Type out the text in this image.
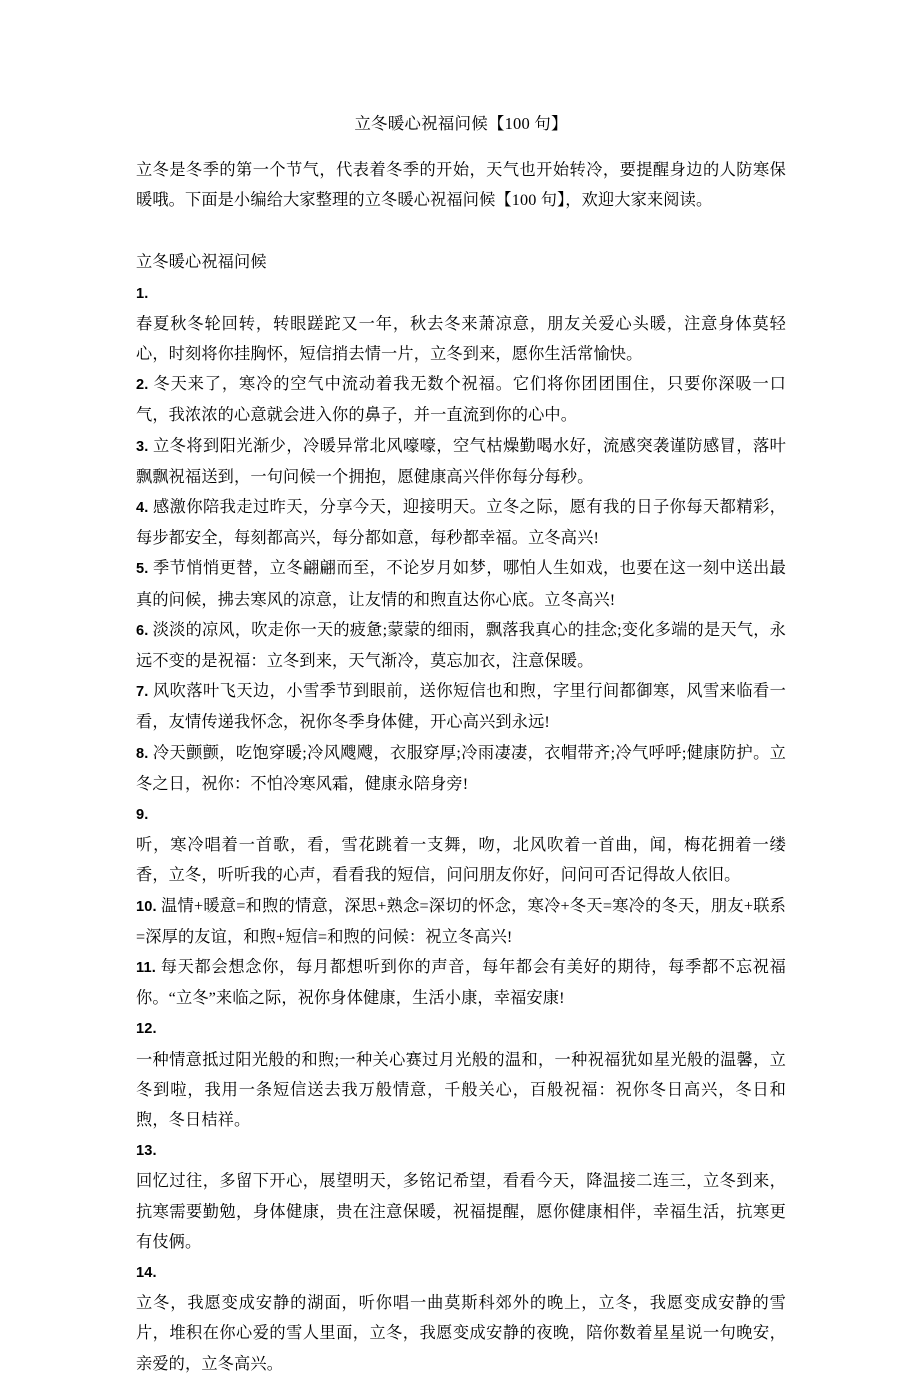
立冬暖心祝福问候【100 句】

立冬是冬季的第一个节气，代表着冬季的开始，天气也开始转冷，要提醒身边的人防寒保暖哦。下面是小编给大家整理的立冬暖心祝福问候【100 句】，欢迎大家来阅读。

立冬暖心祝福问候

1.

春夏秋冬轮回转，转眼蹉跎又一年，秋去冬来萧凉意，朋友关爱心头暖，注意身体莫轻心，时刻将你挂胸怀，短信捎去情一片，立冬到来，愿你生活常愉快。

2. 冬天来了，寒冷的空气中流动着我无数个祝福。它们将你团团围住，只要你深吸一口气，我浓浓的心意就会进入你的鼻子，并一直流到你的心中。

3. 立冬将到阳光渐少，冷暖异常北风嚎嚎，空气枯燥勤喝水好，流感突袭谨防感冒，落叶飘飘祝福送到，一句问候一个拥抱，愿健康高兴伴你每分每秒。

4. 感激你陪我走过昨天，分享今天，迎接明天。立冬之际，愿有我的日子你每天都精彩，每步都安全，每刻都高兴，每分都如意，每秒都幸福。立冬高兴!

5. 季节悄悄更替，立冬翩翩而至，不论岁月如梦，哪怕人生如戏，也要在这一刻中送出最真的问候，拂去寒风的凉意，让友情的和煦直达你心底。立冬高兴!

6. 淡淡的凉风，吹走你一天的疲惫;蒙蒙的细雨，飘落我真心的挂念;变化多端的是天气，永远不变的是祝福：立冬到来，天气渐冷，莫忘加衣，注意保暖。

7. 风吹落叶飞天边，小雪季节到眼前，送你短信也和煦，字里行间都御寒，风雪来临看一看，友情传递我怀念，祝你冬季身体健，开心高兴到永远!

8. 冷天颤颤，吃饱穿暖;冷风飕飕，衣服穿厚;冷雨凄凄，衣帽带齐;冷气呼呼;健康防护。立冬之日，祝你：不怕冷寒风霜，健康永陪身旁!

9.

听，寒冷唱着一首歌，看，雪花跳着一支舞，吻，北风吹着一首曲，闻，梅花拥着一缕香，立冬，听听我的心声，看看我的短信，问问朋友你好，问问可否记得故人依旧。

10. 温情+暖意=和煦的情意，深思+熟念=深切的怀念，寒冷+冬天=寒冷的冬天，朋友+联系=深厚的友谊，和煦+短信=和煦的问候：祝立冬高兴!

11. 每天都会想念你，每月都想听到你的声音，每年都会有美好的期待，每季都不忘祝福你。“立冬”来临之际，祝你身体健康，生活小康，幸福安康!

12.

一种情意抵过阳光般的和煦;一种关心赛过月光般的温和，一种祝福犹如星光般的温馨，立冬到啦，我用一条短信送去我万般情意，千般关心，百般祝福：祝你冬日高兴，冬日和煦，冬日桔祥。

13.

回忆过往，多留下开心，展望明天，多铭记希望，看看今天，降温接二连三，立冬到来，抗寒需要勤勉，身体健康，贵在注意保暖，祝福提醒，愿你健康相伴，幸福生活，抗寒更有伎俩。

14.

立冬，我愿变成安静的湖面，听你唱一曲莫斯科郊外的晚上，立冬，我愿变成安静的雪片，堆积在你心爱的雪人里面，立冬，我愿变成安静的夜晚，陪你数着星星说一句晚安，亲爱的，立冬高兴。
